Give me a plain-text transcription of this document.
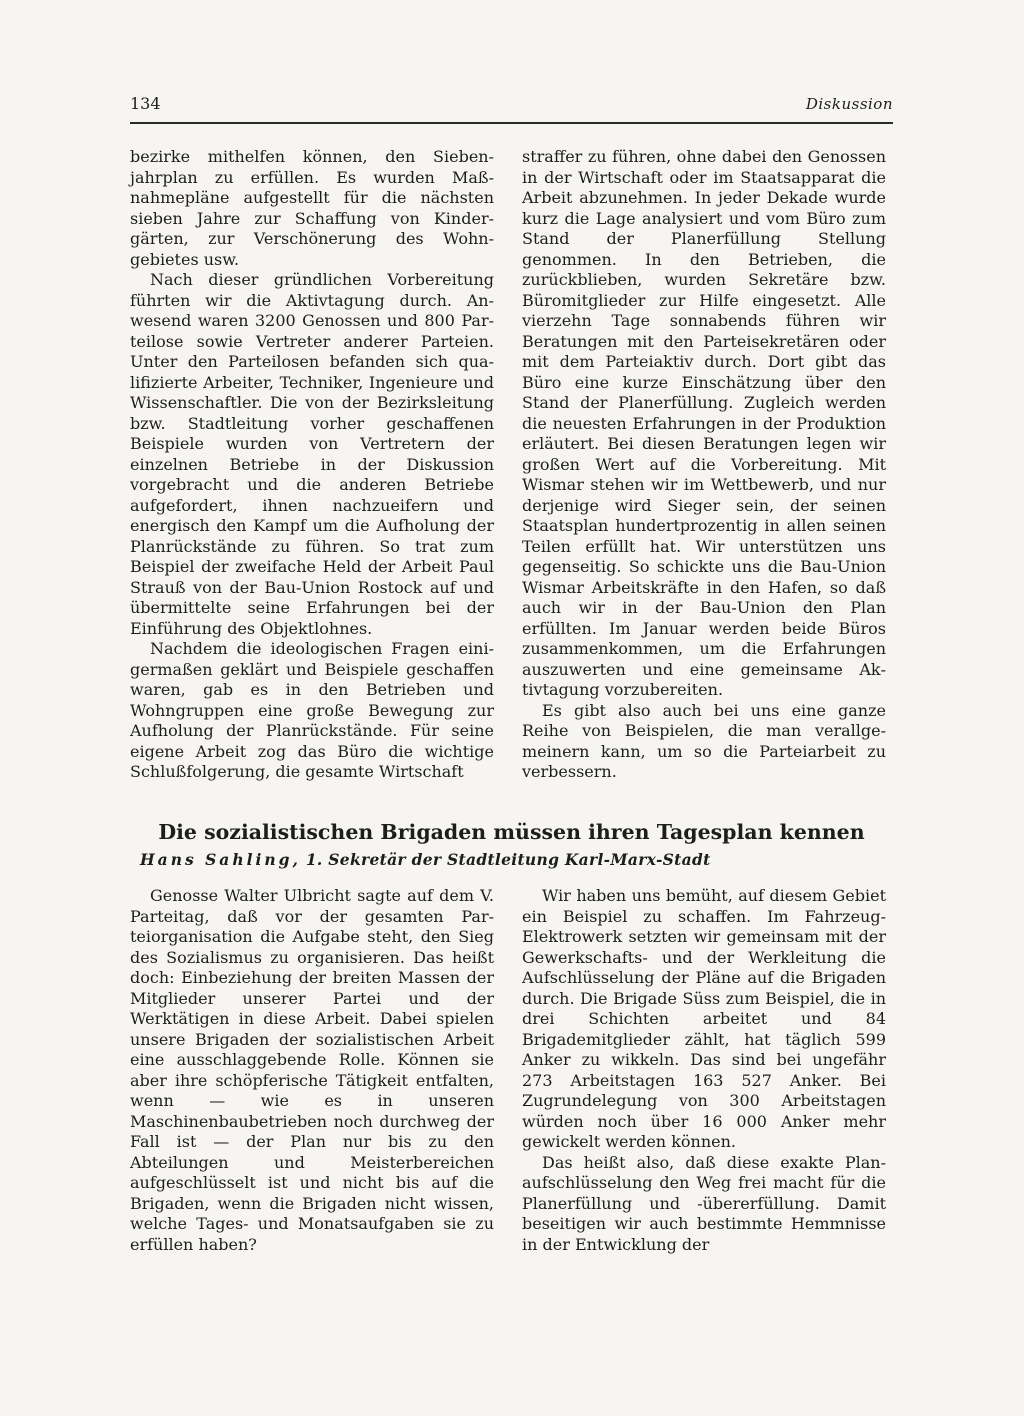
134	Diskussion

bezirke mithelfen können, den Siebenjahrplan zu erfüllen. Es wurden Maßnahmepläne aufgestellt für die nächsten sieben Jahre zur Schaffung von Kindergärten, zur Verschönerung des Wohngebietes usw.

Nach dieser gründlichen Vorbereitung führten wir die Aktivtagung durch. Anwesend waren 3200 Genossen und 800 Parteilose sowie Vertreter anderer Parteien. Unter den Parteilosen befanden sich qualifizierte Arbeiter, Techniker, Ingenieure und Wissenschaftler. Die von der Bezirksleitung bzw. Stadtleitung vorher geschaffenen Beispiele wurden von Vertretern der einzelnen Betriebe in der Diskussion vorgebracht und die anderen Betriebe aufgefordert, ihnen nachzueifern und energisch den Kampf um die Aufholung der Planrückstände zu führen. So trat zum Beispiel der zweifache Held der Arbeit Paul Strauß von der Bau-Union Rostock auf und übermittelte seine Erfahrungen bei der Einführung des Objektlohnes.

Nachdem die ideologischen Fragen einigermaßen geklärt und Beispiele geschaffen waren, gab es in den Betrieben und Wohngruppen eine große Bewegung zur Aufholung der Planrückstände. Für seine eigene Arbeit zog das Büro die wichtige Schlußfolgerung, die gesamte Wirtschaft

straffer zu führen, ohne dabei den Genossen in der Wirtschaft oder im Staatsapparat die Arbeit abzunehmen. In jeder Dekade wurde kurz die Lage analysiert und vom Büro zum Stand der Planerfüllung Stellung genommen. In den Betrieben, die zurückblieben, wurden Sekretäre bzw. Büromitglieder zur Hilfe eingesetzt. Alle vierzehn Tage sonnabends führen wir Beratungen mit den Parteisekretären oder mit dem Parteiaktiv durch. Dort gibt das Büro eine kurze Einschätzung über den Stand der Planerfüllung. Zugleich werden die neuesten Erfahrungen in der Produktion erläutert. Bei diesen Beratungen legen wir großen Wert auf die Vorbereitung. Mit Wismar stehen wir im Wettbewerb, und nur derjenige wird Sieger sein, der seinen Staatsplan hundertprozentig in allen seinen Teilen erfüllt hat. Wir unterstützen uns gegenseitig. So schickte uns die Bau-Union Wismar Arbeitskräfte in den Hafen, so daß auch wir in der Bau-Union den Plan erfüllten. Im Januar werden beide Büros zusammenkommen, um die Erfahrungen auszuwerten und eine gemeinsame Aktivtagung vorzubereiten.

Es gibt also auch bei uns eine ganze Reihe von Beispielen, die man verallgemeinern kann, um so die Parteiarbeit zu verbessern.

Die sozialistischen Brigaden müssen ihren Tagesplan kennen
Hans Sahling, 1. Sekretär der Stadtleitung Karl-Marx-Stadt

Genosse Walter Ulbricht sagte auf dem V. Parteitag, daß vor der gesamten Parteiorganisation die Aufgabe steht, den Sieg des Sozialismus zu organisieren. Das heißt doch: Einbeziehung der breiten Massen der Mitglieder unserer Partei und der Werktätigen in diese Arbeit. Dabei spielen unsere Brigaden der sozialistischen Arbeit eine ausschlaggebende Rolle. Können sie aber ihre schöpferische Tätigkeit entfalten, wenn — wie es in unseren Maschinenbaubetrieben noch durchweg der Fall ist — der Plan nur bis zu den Abteilungen und Meisterbereichen aufgeschlüsselt ist und nicht bis auf die Brigaden, wenn die Brigaden nicht wissen, welche Tages- und Monatsaufgaben sie zu erfüllen haben?

Wir haben uns bemüht, auf diesem Gebiet ein Beispiel zu schaffen. Im Fahrzeug-Elektrowerk setzten wir gemeinsam mit der Gewerkschafts- und der Werkleitung die Aufschlüsselung der Pläne auf die Brigaden durch. Die Brigade Süss zum Beispiel, die in drei Schichten arbeitet und 84 Brigademitglieder zählt, hat täglich 599 Anker zu wikkeln. Das sind bei ungefähr 273 Arbeitstagen 163 527 Anker. Bei Zugrundelegung von 300 Arbeitstagen würden noch über 16 000 Anker mehr gewickelt werden können.

Das heißt also, daß diese exakte Planaufschlüsselung den Weg frei macht für die Planerfüllung und -übererfüllung. Damit beseitigen wir auch bestimmte Hemmnisse in der Entwicklung der
